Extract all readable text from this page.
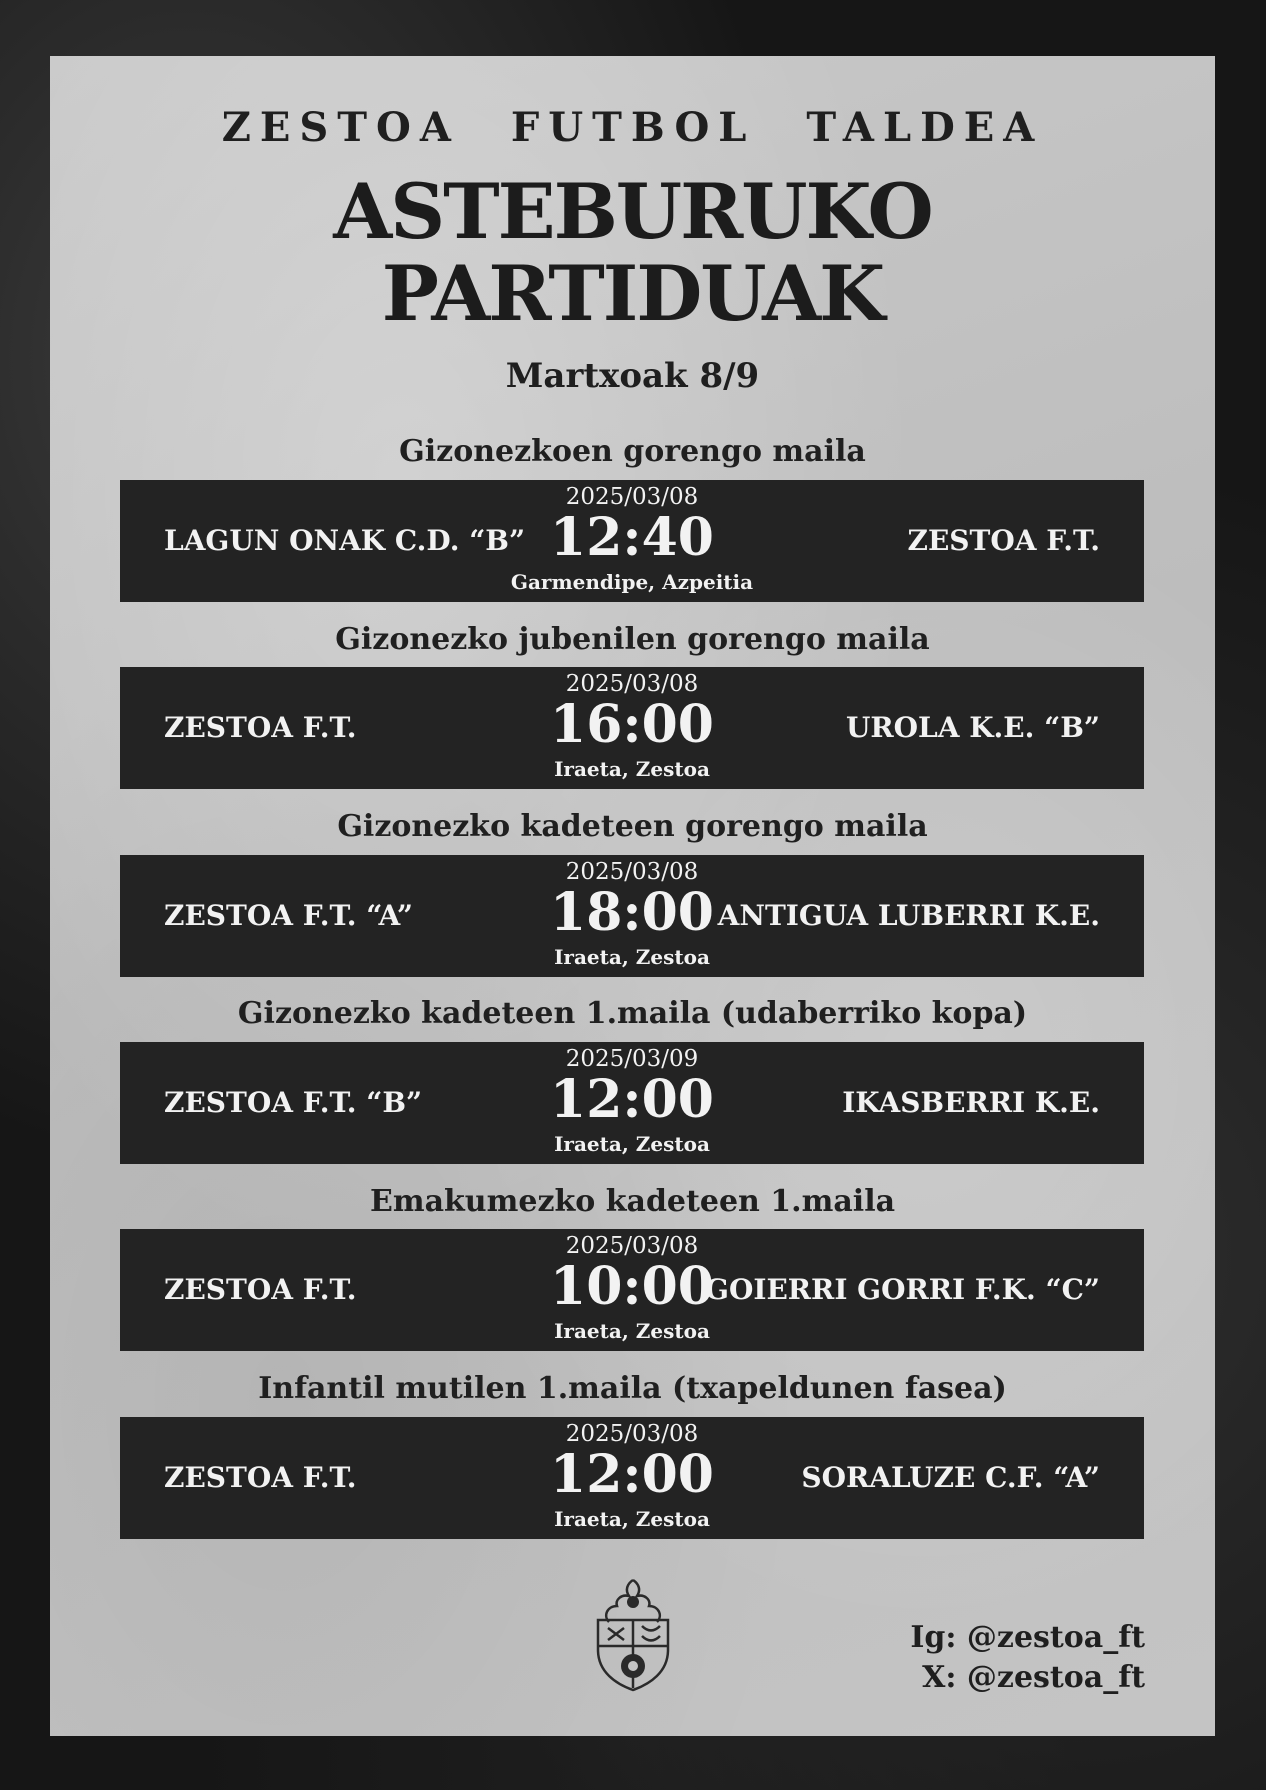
ZESTOA FUTBOL TALDEA
ASTEBURUKO
PARTIDUAK
Martxoak 8/9
Gizonezkoen gorengo maila
LAGUN ONAK C.D. “B”
2025/03/08
12:40
Garmendipe, Azpeitia
ZESTOA F.T.
Gizonezko jubenilen gorengo maila
ZESTOA F.T.
2025/03/08
16:00
Iraeta, Zestoa
UROLA K.E. “B”
Gizonezko kadeteen gorengo maila
ZESTOA F.T. “A”
2025/03/08
18:00
Iraeta, Zestoa
ANTIGUA LUBERRI K.E.
Gizonezko kadeteen 1.maila (udaberriko kopa)
ZESTOA F.T. “B”
2025/03/09
12:00
Iraeta, Zestoa
IKASBERRI K.E.
Emakumezko kadeteen 1.maila
ZESTOA F.T.
2025/03/08
10:00
Iraeta, Zestoa
GOIERRI GORRI F.K. “C”
Infantil mutilen 1.maila (txapeldunen fasea)
ZESTOA F.T.
2025/03/08
12:00
Iraeta, Zestoa
SORALUZE C.F. “A”
Ig: @zestoa_ft
X: @zestoa_ft
